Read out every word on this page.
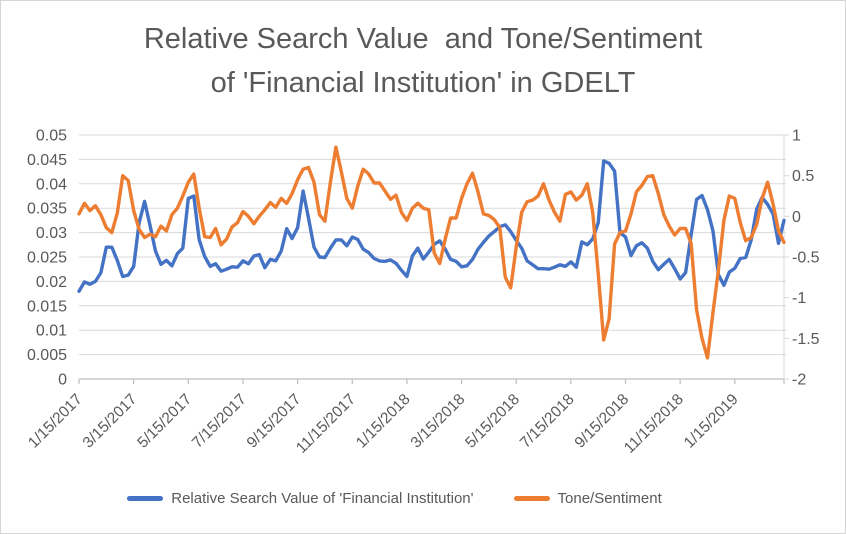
Relative Search Value  and Tone/Sentiment
of 'Financial Institution' in GDELT
1
0.5
0
-0.5
-1
-1.5
-2
0.05
0.045
0.04
0.035
0.03
0.025
0.02
0.015
0.01
0.005
0
1/15/2017
3/15/2017
5/15/2017
7/15/2017
9/15/2017
11/15/2017
1/15/2018
3/15/2018
5/15/2018
7/15/2018
9/15/2018
11/15/2018
1/15/2019
Relative Search Value of 'Financial Institution'	Tone/Sentiment
